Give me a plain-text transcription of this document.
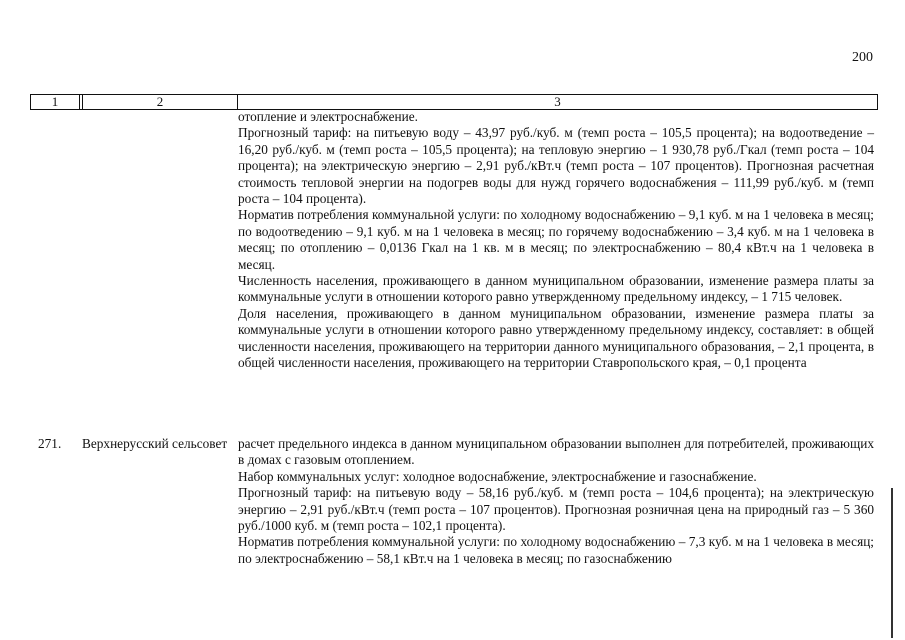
200
1	2	3

отопление и электроснабжение.

Прогнозный тариф: на питьевую воду – 43,97 руб./куб. м (темп роста – 105,5 процента); на водоотведение – 16,20 руб./куб. м (темп роста – 105,5 процента); на тепловую энергию – 1 930,78 руб./Гкал (темп роста – 104 процента); на электрическую энергию – 2,91 руб./кВт.ч (темп роста – 107 процентов). Прогнозная расчетная стоимость тепловой энергии на подогрев воды для нужд горячего водоснабжения – 111,99 руб./куб. м (темп роста – 104 процента).

Норматив потребления коммунальной услуги: по холодному водоснабжению – 9,1 куб. м на 1 человека в месяц; по водоотведению – 9,1 куб. м на 1 человека в месяц; по горячему водоснабжению – 3,4 куб. м на 1 человека в месяц; по отоплению – 0,0136 Гкал на 1 кв. м в месяц; по электроснабжению – 80,4 кВт.ч на 1 человека в месяц.

Численность населения, проживающего в данном муниципальном образовании, изменение размера платы за коммунальные услуги в отношении которого равно утвержденному предельному индексу, – 1 715 человек.

Доля населения, проживающего в данном муниципальном образовании, изменение размера платы за коммунальные услуги в отношении которого равно утвержденному предельному индексу, составляет: в общей численности населения, проживающего на территории данного муниципального образования, – 2,1 процента, в общей численности населения, проживающего на территории Ставропольского края, – 0,1 процента

271. Верхнерусский сельсовет расчет предельного индекса в данном муниципальном образовании выполнен для потребителей, проживающих в домах с газовым отоплением.

Набор коммунальных услуг: холодное водоснабжение, электроснабжение и газоснабжение.

Прогнозный тариф: на питьевую воду – 58,16 руб./куб. м (темп роста – 104,6 процента); на электрическую энергию – 2,91 руб./кВт.ч (темп роста – 107 процентов). Прогнозная розничная цена на природный газ – 5 360 руб./1000 куб. м (темп роста – 102,1 процента).

Норматив потребления коммунальной услуги: по холодному водоснабжению – 7,3 куб. м на 1 человека в месяц; по электроснабжению – 58,1 кВт.ч на 1 человека в месяц; по газоснабжению
